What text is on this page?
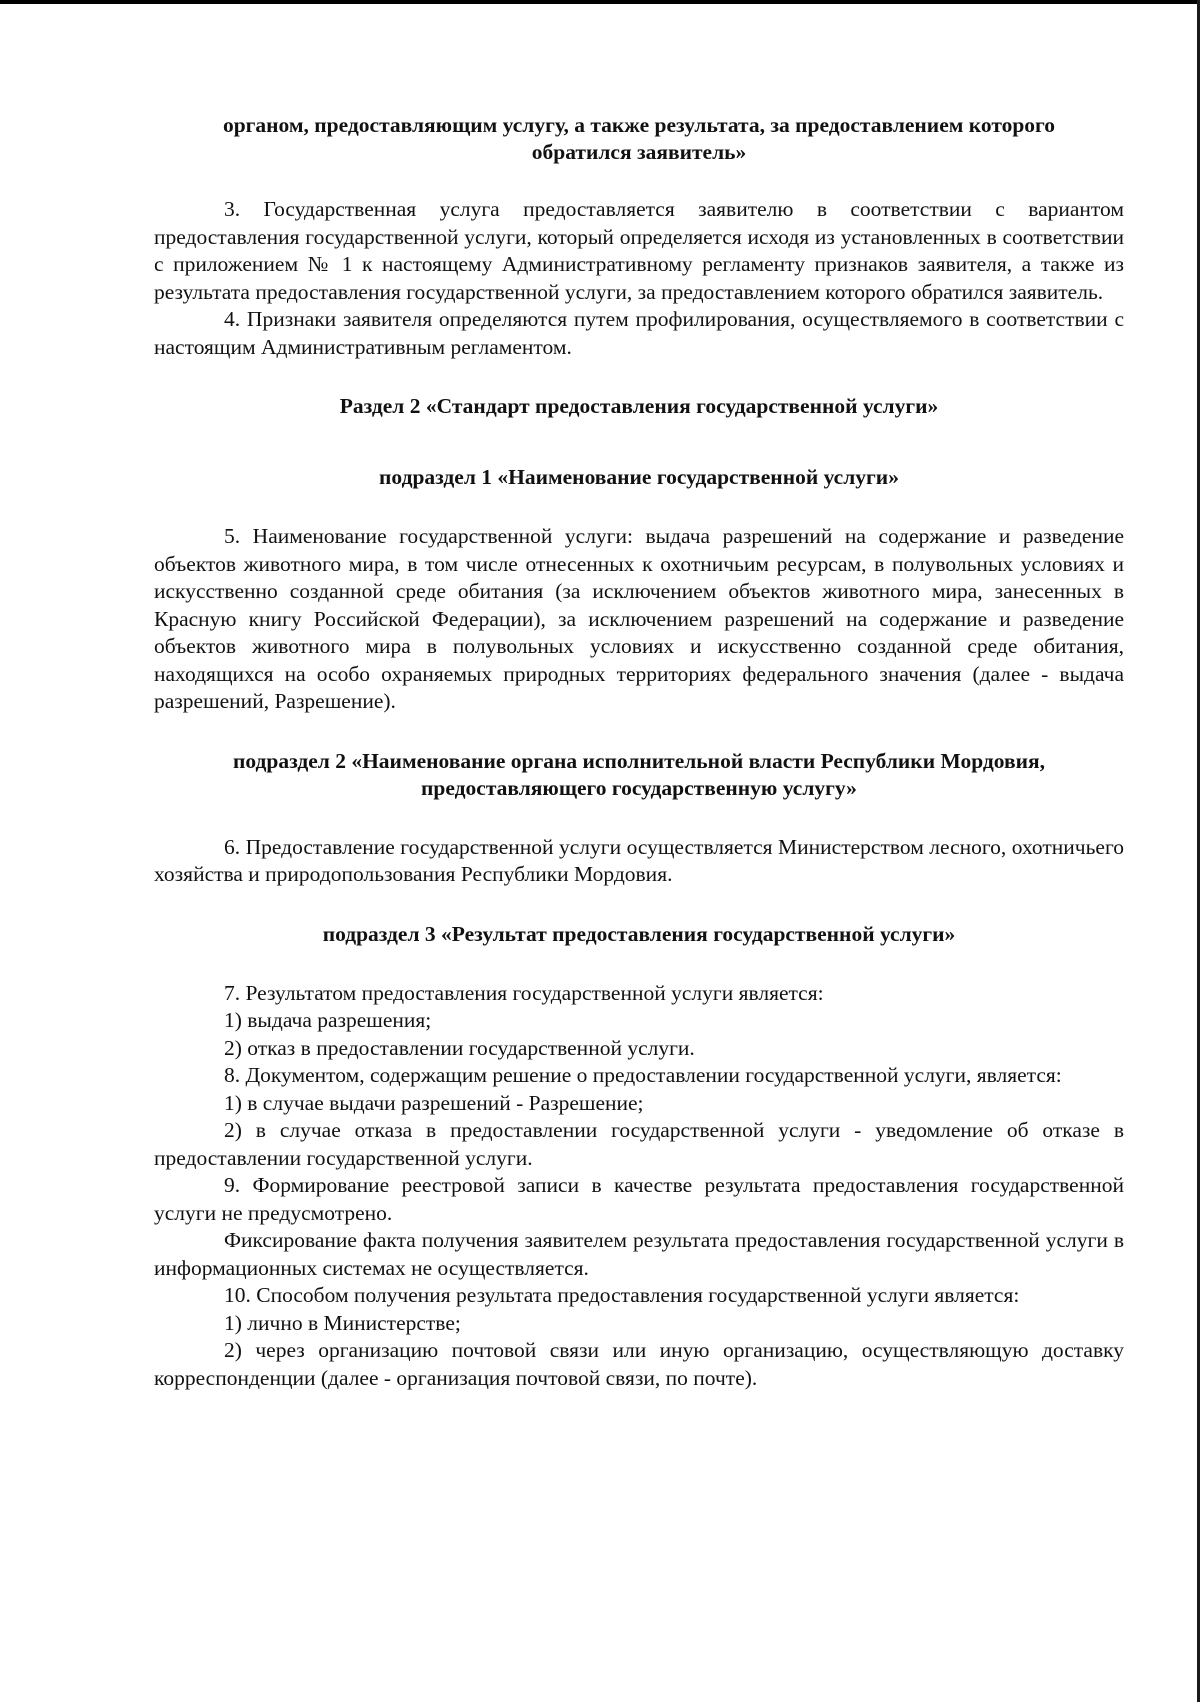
органом, предоставляющим услугу, а также результата, за предоставлением которого
обратился заявитель»
3. Государственная услуга предоставляется заявителю в соответствии с вариантом предоставления государственной услуги, который определяется исходя из установленных в соответствии с приложением № 1 к настоящему Административному регламенту признаков заявителя, а также из результата предоставления государственной услуги, за предоставлением которого обратился заявитель.
4. Признаки заявителя определяются путем профилирования, осуществляемого в соответствии с настоящим Административным регламентом.
Раздел 2 «Стандарт предоставления государственной услуги»
подраздел 1 «Наименование государственной услуги»
5. Наименование государственной услуги: выдача разрешений на содержание и разведение объектов животного мира, в том числе отнесенных к охотничьим ресурсам, в полувольных условиях и искусственно созданной среде обитания (за исключением объектов животного мира, занесенных в Красную книгу Российской Федерации), за исключением разрешений на содержание и разведение объектов животного мира в полувольных условиях и искусственно созданной среде обитания, находящихся на особо охраняемых природных территориях федерального значения (далее - выдача разрешений, Разрешение).
подраздел 2 «Наименование органа исполнительной власти Республики Мордовия,
предоставляющего государственную услугу»
6. Предоставление государственной услуги осуществляется Министерством лесного, охотничьего хозяйства и природопользования Республики Мордовия.
подраздел 3 «Результат предоставления государственной услуги»
7. Результатом предоставления государственной услуги является:
1) выдача разрешения;
2) отказ в предоставлении государственной услуги.
8. Документом, содержащим решение о предоставлении государственной услуги, является:
1) в случае выдачи разрешений - Разрешение;
2) в случае отказа в предоставлении государственной услуги - уведомление об отказе в предоставлении государственной услуги.
9. Формирование реестровой записи в качестве результата предоставления государственной услуги не предусмотрено.
Фиксирование факта получения заявителем результата предоставления государственной услуги в информационных системах не осуществляется.
10. Способом получения результата предоставления государственной услуги является:
1) лично в Министерстве;
2) через организацию почтовой связи или иную организацию, осуществляющую доставку корреспонденции (далее - организация почтовой связи, по почте).
